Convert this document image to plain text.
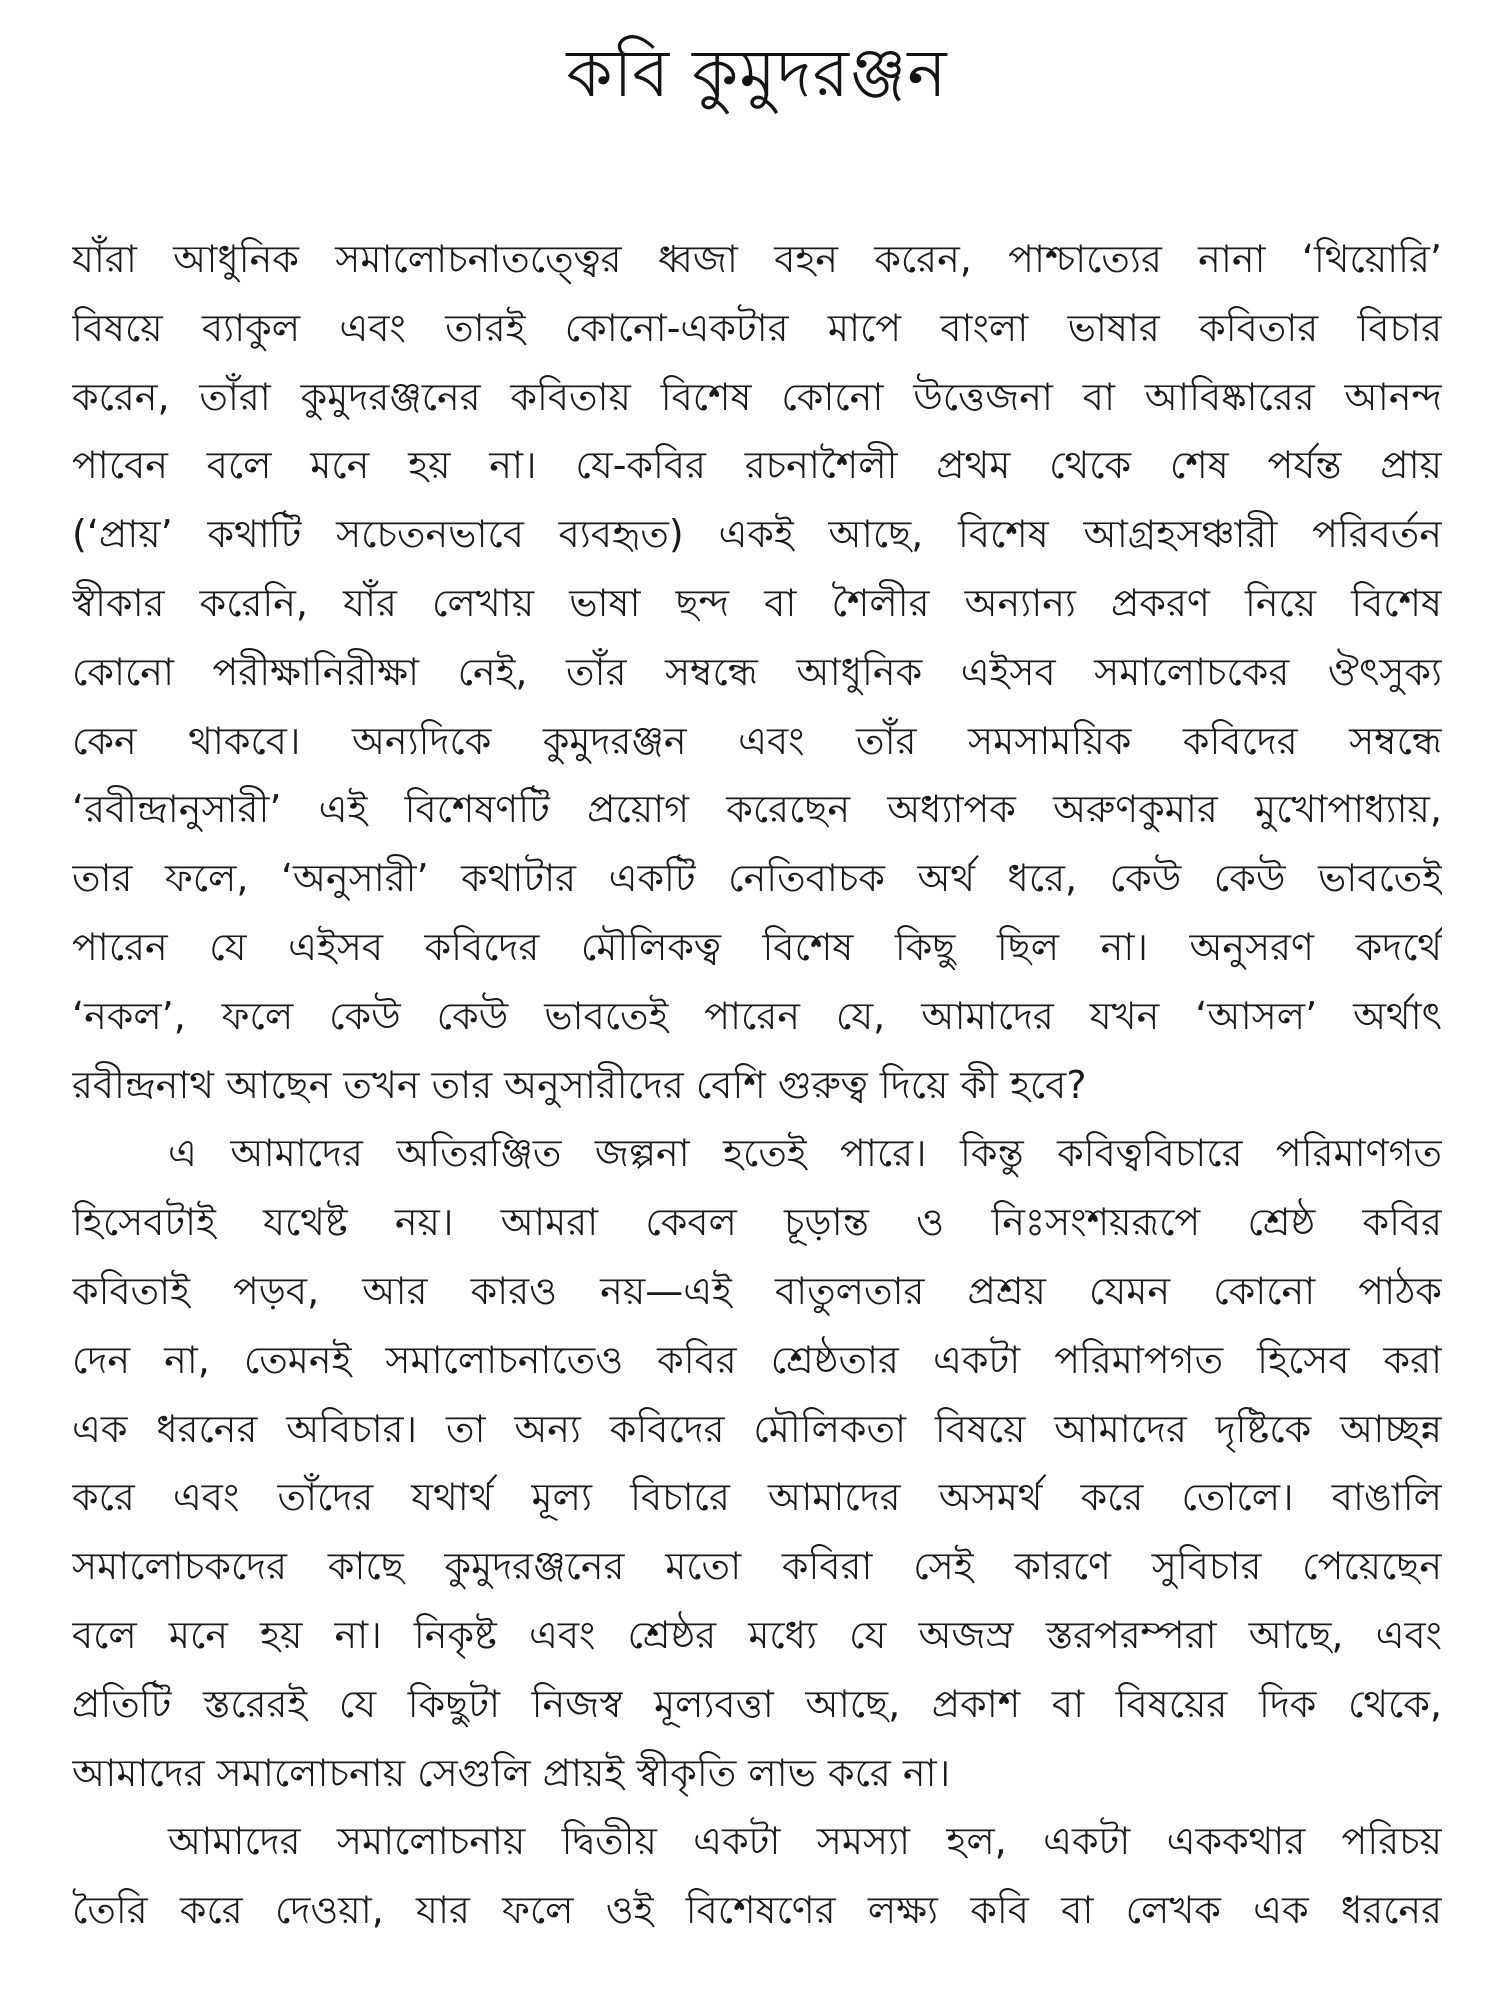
কবি কুমুদরঞ্জন
যাঁরা আধুনিক সমালোচনাতত্ত্বের ধ্বজা বহন করেন, পাশ্চাত্যের নানা ‘থিয়োরি’
বিষয়ে ব্যাকুল এবং তারই কোনো-একটার মাপে বাংলা ভাষার কবিতার বিচার
করেন, তাঁরা কুমুদরঞ্জনের কবিতায় বিশেষ কোনো উত্তেজনা বা আবিষ্কারের আনন্দ
পাবেন বলে মনে হয় না। যে-কবির রচনাশৈলী প্রথম থেকে শেষ পর্যন্ত প্রায়
(‘প্রায়’ কথাটি সচেতনভাবে ব্যবহৃত) একই আছে, বিশেষ আগ্রহসঞ্চারী পরিবর্তন
স্বীকার করেনি, যাঁর লেখায় ভাষা ছন্দ বা শৈলীর অন্যান্য প্রকরণ নিয়ে বিশেষ
কোনো পরীক্ষানিরীক্ষা নেই, তাঁর সম্বন্ধে আধুনিক এইসব সমালোচকের ঔৎসুক্য
কেন থাকবে। অন্যদিকে কুমুদরঞ্জন এবং তাঁর সমসাময়িক কবিদের সম্বন্ধে
‘রবীন্দ্রানুসারী’ এই বিশেষণটি প্রয়োগ করেছেন অধ্যাপক অরুণকুমার মুখোপাধ্যায়,
তার ফলে, ‘অনুসারী’ কথাটার একটি নেতিবাচক অর্থ ধরে, কেউ কেউ ভাবতেই
পারেন যে এইসব কবিদের মৌলিকত্ব বিশেষ কিছু ছিল না। অনুসরণ কদর্থে
‘নকল’, ফলে কেউ কেউ ভাবতেই পারেন যে, আমাদের যখন ‘আসল’ অর্থাৎ
রবীন্দ্রনাথ আছেন তখন তার অনুসারীদের বেশি গুরুত্ব দিয়ে কী হবে?
এ আমাদের অতিরঞ্জিত জল্পনা হতেই পারে। কিন্তু কবিত্ববিচারে পরিমাণগত
হিসেবটাই যথেষ্ট নয়। আমরা কেবল চূড়ান্ত ও নিঃসংশয়রূপে শ্রেষ্ঠ কবির
কবিতাই পড়ব, আর কারও নয়—এই বাতুলতার প্রশ্রয় যেমন কোনো পাঠক
দেন না, তেমনই সমালোচনাতেও কবির শ্রেষ্ঠতার একটা পরিমাপগত হিসেব করা
এক ধরনের অবিচার। তা অন্য কবিদের মৌলিকতা বিষয়ে আমাদের দৃষ্টিকে আচ্ছন্ন
করে এবং তাঁদের যথার্থ মূল্য বিচারে আমাদের অসমর্থ করে তোলে। বাঙালি
সমালোচকদের কাছে কুমুদরঞ্জনের মতো কবিরা সেই কারণে সুবিচার পেয়েছেন
বলে মনে হয় না। নিকৃষ্ট এবং শ্রেষ্ঠর মধ্যে যে অজস্র স্তরপরম্পরা আছে, এবং
প্রতিটি স্তরেরই যে কিছুটা নিজস্ব মূল্যবত্তা আছে, প্রকাশ বা বিষয়ের দিক থেকে,
আমাদের সমালোচনায় সেগুলি প্রায়ই স্বীকৃতি লাভ করে না।
আমাদের সমালোচনায় দ্বিতীয় একটা সমস্যা হল, একটা এককথার পরিচয়
তৈরি করে দেওয়া, যার ফলে ওই বিশেষণের লক্ষ্য কবি বা লেখক এক ধরনের
